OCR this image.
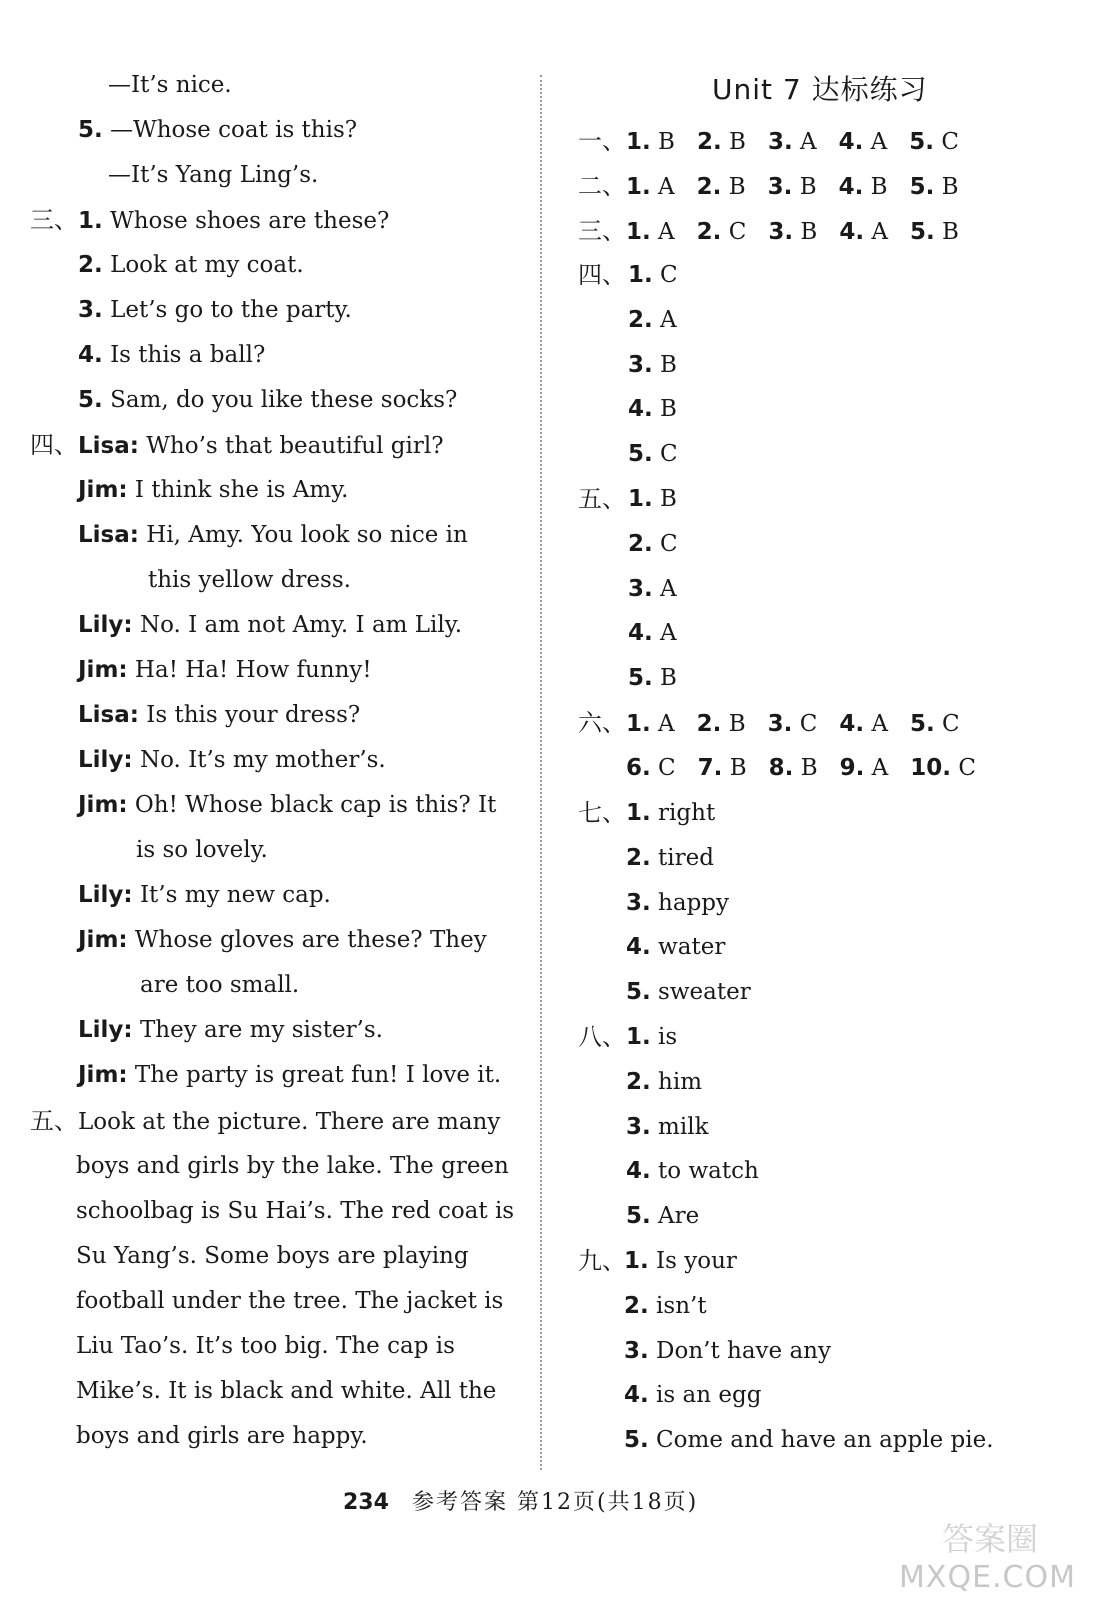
—It’s nice.
5. —Whose coat is this?
—It’s Yang Ling’s.
三、1. Whose shoes are these?
2. Look at my coat.
3. Let’s go to the party.
4. Is this a ball?
5. Sam, do you like these socks?
四、Lisa: Who’s that beautiful girl?
Jim: I think she is Amy.
Lisa: Hi, Amy. You look so nice in
this yellow dress.
Lily: No. I am not Amy. I am Lily.
Jim: Ha! Ha! How funny!
Lisa: Is this your dress?
Lily: No. It’s my mother’s.
Jim: Oh! Whose black cap is this? It
is so lovely.
Lily: It’s my new cap.
Jim: Whose gloves are these? They
are too small.
Lily: They are my sister’s.
Jim: The party is great fun! I love it.
五、Look at the picture. There are many
boys and girls by the lake. The green
schoolbag is Su Hai’s. The red coat is
Su Yang’s. Some boys are playing
football under the tree. The jacket is
Liu Tao’s. It’s too big. The cap is
Mike’s. It is black and white. All the
boys and girls are happy.
Unit 7 达标练习
一、1. B 2. B 3. A 4. A 5. C
二、1. A 2. B 3. B 4. B 5. B
三、1. A 2. C 3. B 4. A 5. B
四、
五、
六、1. A 2. B 3. C 4. A 5. C
6. C 7. B 8. B 9. A 10. C
七、
八、
九、
234 参考答案 第12页(共18页)
答案圈
MXQE.COM
1. C
2. A
3. B
4. B
5. C
1. B
2. C
3. A
4. A
5. B
1. right
2. tired
3. happy
4. water
5. sweater
1. is
2. him
3. milk
4. to watch
5. Are
1. Is your
2. isn’t
3. Don’t have any
4. is an egg
5. Come and have an apple pie.
